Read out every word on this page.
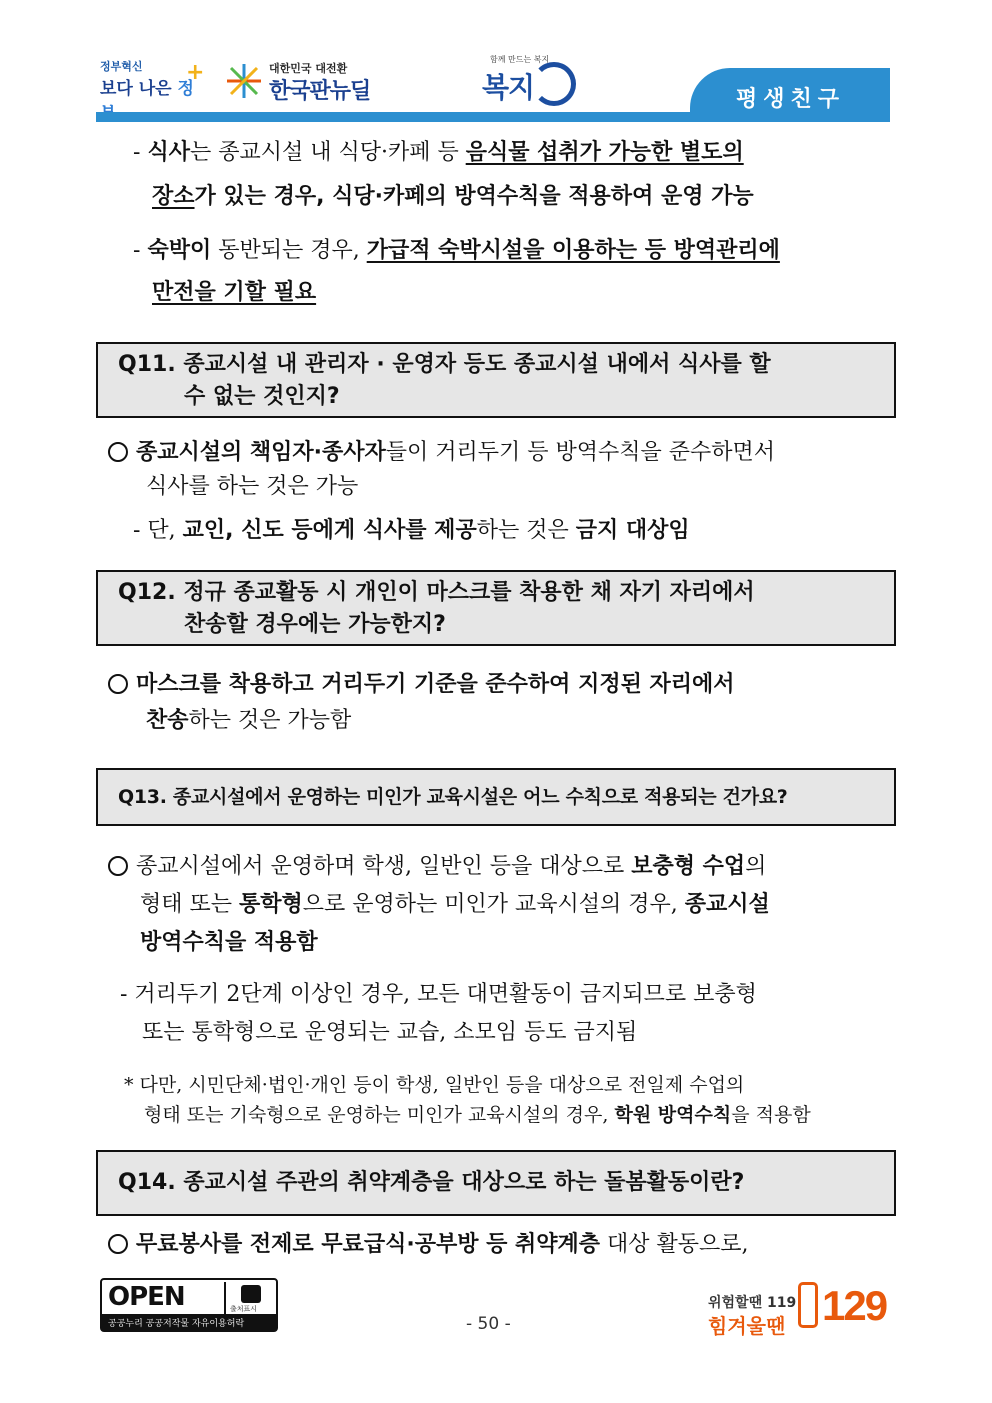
정부혁신
보다 나은 정
+	대한민국 대전환
한국판뉴딜
함께 만드는 복지
복지	평생친구
- 식사는 종교시설 내 식당·카페 등 음식물 섭취가 가능한 별도의
장소가 있는 경우, 식당·카페의 방역수칙을 적용하여 운영 가능
- 숙박이 동반되는 경우, 가급적 숙박시설을 이용하는 등 방역관리에
만전을 기할 필요
Q11. 종교시설 내 관리자 · 운영자 등도 종교시설 내에서 식사를 할
수 없는 것인지?
종교시설의 책임자·종사자들이 거리두기 등 방역수칙을 준수하면서
식사를 하는 것은 가능
- 단, 교인, 신도 등에게 식사를 제공하는 것은 금지 대상임
Q12. 정규 종교활동 시 개인이 마스크를 착용한 채 자기 자리에서
찬송할 경우에는 가능한지?
마스크를 착용하고 거리두기 기준을 준수하여 지정된 자리에서
찬송하는 것은 가능함
Q13. 종교시설에서 운영하는 미인가 교육시설은 어느 수칙으로 적용되는 건가요?
종교시설에서 운영하며 학생, 일반인 등을 대상으로 보충형 수업의
형태 또는 통학형으로 운영하는 미인가 교육시설의 경우, 종교시설
방역수칙을 적용함
- 거리두기 2단계 이상인 경우, 모든 대면활동이 금지되므로 보충형
또는 통학형으로 운영되는 교습, 소모임 등도 금지됨
* 다만, 시민단체·법인·개인 등이 학생, 일반인 등을 대상으로 전일제 수업의
형태 또는 기숙형으로 운영하는 미인가 교육시설의 경우, 학원 방역수칙을 적용함
Q14. 종교시설 주관의 취약계층을 대상으로 하는 돌봄활동이란?
무료봉사를 전제로 무료급식·공부방 등 취약계층 대상 활동으로,
OPEN	출처표시
공공누리 공공저작물 자유이용허락	- 50 -
위험할땐 119
힘겨울땐 129
